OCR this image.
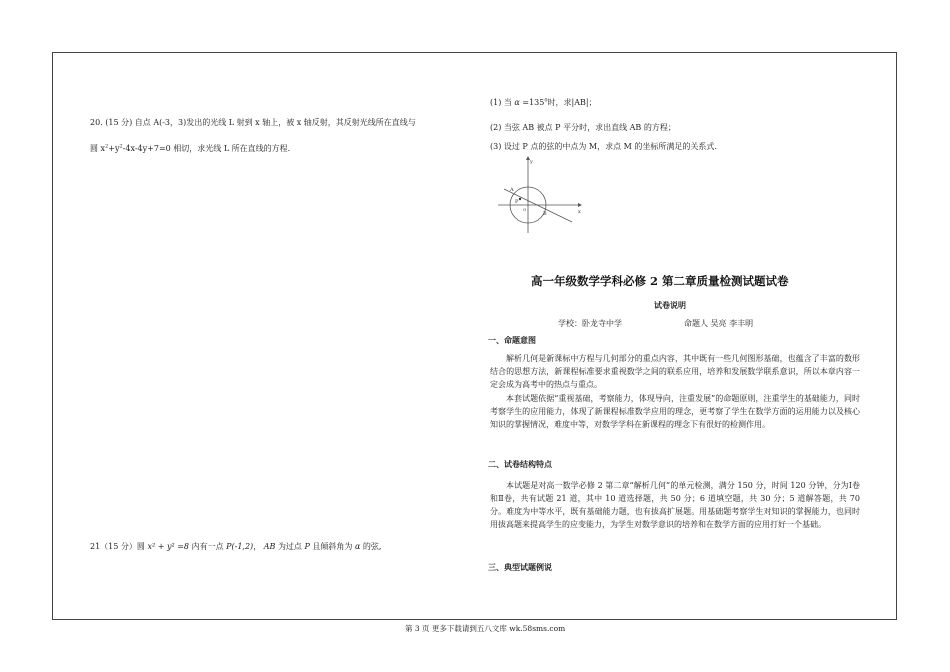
20. (15 分) 自点 A(-3，3)发出的光线 L 射到 x 轴上，被 x 轴反射，其反射光线所在直线与
圆 $x^2+y^2-4x-4y+7=0$ 相切，求光线 L 所在直线的方程.
21（15 分）圆 x² + y² =8 内有一点 P(-1,2)， AB 为过点 P 且倾斜角为 α 的弦,
(1) 当 $\alpha =135^0$时，求|AB|；
(2) 当弦 AB 被点 P 平分时，求出直线 AB 的方程；
(3) 设过 P 点的弦的中点为 M，求点 M 的坐标所满足的关系式.
y
x
A
P
O
B
高一年级数学学科必修 2 第二章质量检测试题试卷
试卷说明
学校：卧龙寺中学	命题人 吴亮 李丰明
一、命题意图
解析几何是新课标中方程与几何部分的重点内容，其中既有一些几何图形基础，也蕴含了丰富的数形结合的思想方法，新课程标准要求重视数学之间的联系应用，培养和发展数学联系意识，所以本章内容一定会成为高考中的热点与重点。
本套试题依据“重视基础，考察能力，体现导向，注重发展”的命题原则，注重学生的基础能力，同时考察学生的应用能力，体现了新课程标准数学应用的理念，更考察了学生在数学方面的运用能力以及核心知识的掌握情况，难度中等，对数学学科在新课程的理念下有很好的检测作用。
二、试卷结构特点
本试题是对高一数学必修 2 第二章“解析几何”的单元检测，满分 150 分，时间 120 分钟，分为Ⅰ卷和Ⅱ卷，共有试题 21 道，其中 10 道选择题，共 50 分；6 道填空题，共 30 分；5 道解答题，共 70 分。难度为中等水平，既有基础能力题，也有拔高扩展题。用基础题考察学生对知识的掌握能力，也同时用拔高题来提高学生的应变能力，为学生对数学意识的培养和在数学方面的应用打好一个基础。
三、典型试题例说
第 3 页 更多下载请到五八文库 wk.58sms.com
